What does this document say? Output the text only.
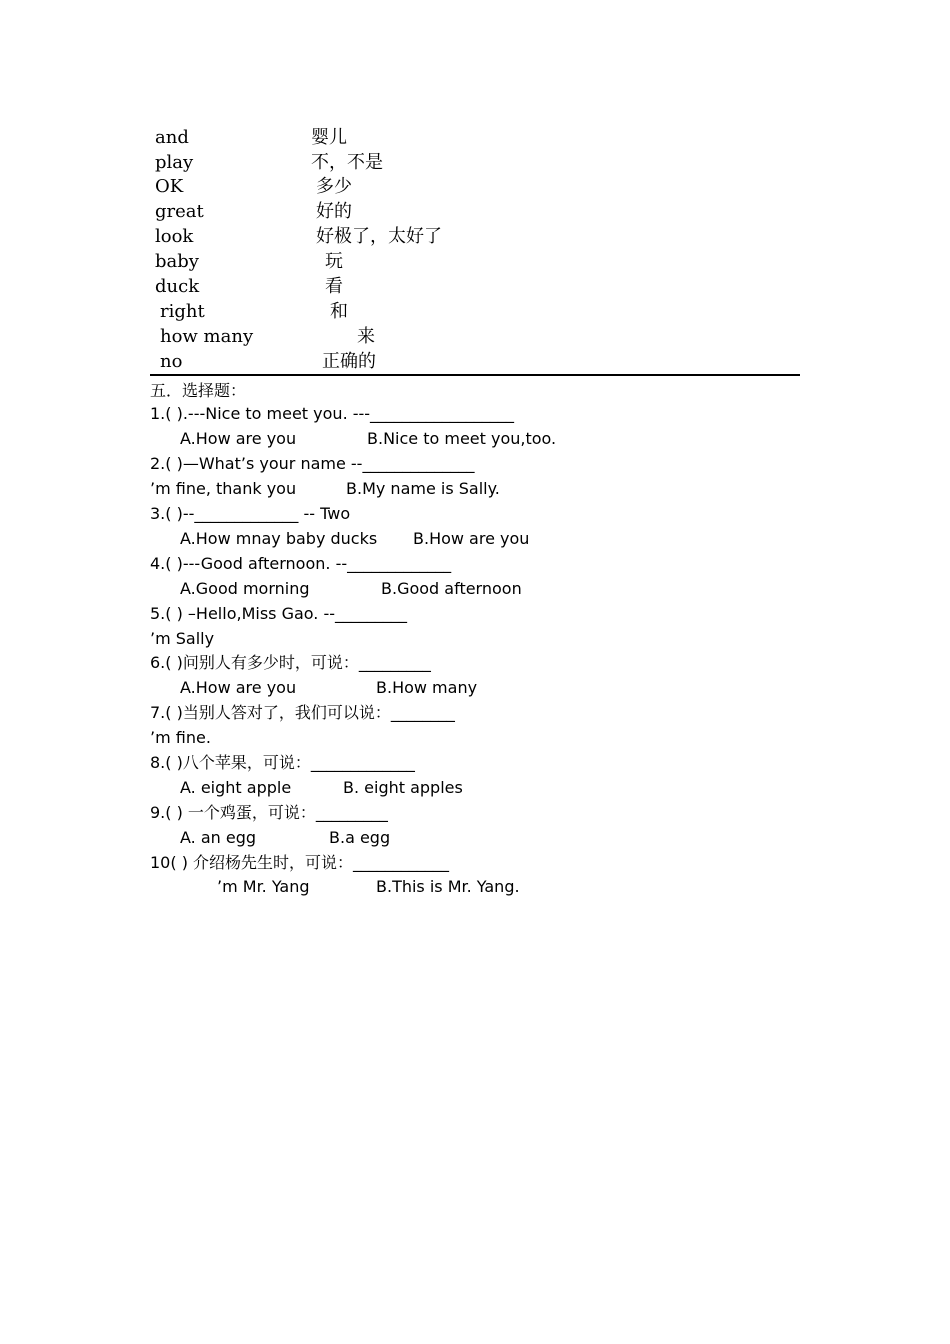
and	婴儿
play	不，不是
OK	多少
great	好的
look	好极了，太好了
baby	玩
duck	看
right	和
how many	来
no	正确的
五．选择题：
1.( ).---Nice to meet you. ---__________________
A.How are you	B.Nice to meet you,too.
2.( )—What’s your name --______________
’m fine, thank you	B.My name is Sally.
3.( )--_____________ -- Two
A.How mnay baby ducks B.How are you
4.( )---Good afternoon. --_____________
A.Good morning	B.Good afternoon
5.( ) –Hello,Miss Gao. --_________
’m Sally
6.( )问别人有多少时，可说：_________
A.How are you	B.How many
7.( )当别人答对了，我们可以说：________
’m fine.
8.( )八个苹果，可说：_____________
A. eight apple	B. eight apples
9.( ) 一个鸡蛋，可说：_________
A. an egg	B.a egg
10( ) 介绍杨先生时，可说：____________
’m Mr. Yang	B.This is Mr. Yang.
